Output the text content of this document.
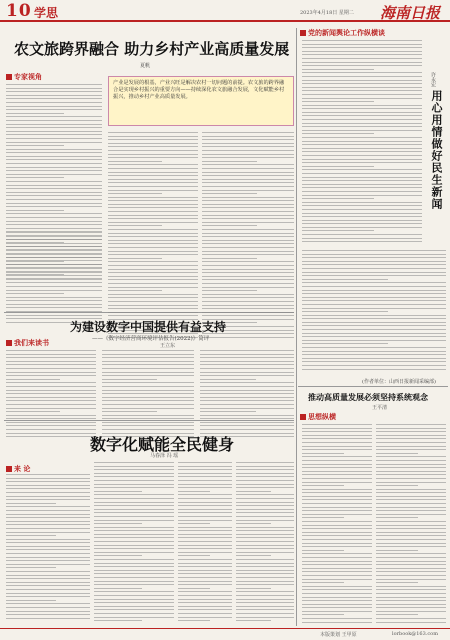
10 学思	2023年4月18日 星期二 海南日报
农文旅跨界融合 助力乡村产业高质量发展
夏帆
专家视角
产业是发展的根基，产业兴旺是解决农村一切问题的前提。农文旅的跨界融合是实现乡村振兴的重要方向——持续深化农文旅融合发展，文化赋能乡村振兴，推动乡村产业高质量发展。
为建设数字中国提供有益支持
——《数字经济营商环境评估报告(2022)》简评
王立东
我们来读书
数字化赋能全民健身
马春泽 冯 瑶
来 论
党的新闻舆论工作纵横谈
用心用情做好民生新闻
许永宏
(作者单位：山西日报新闻采编部)
推动高质量发展必须坚持系统观念
王平清
思想纵横
本版策划 王甲原	lorbook@163.com
